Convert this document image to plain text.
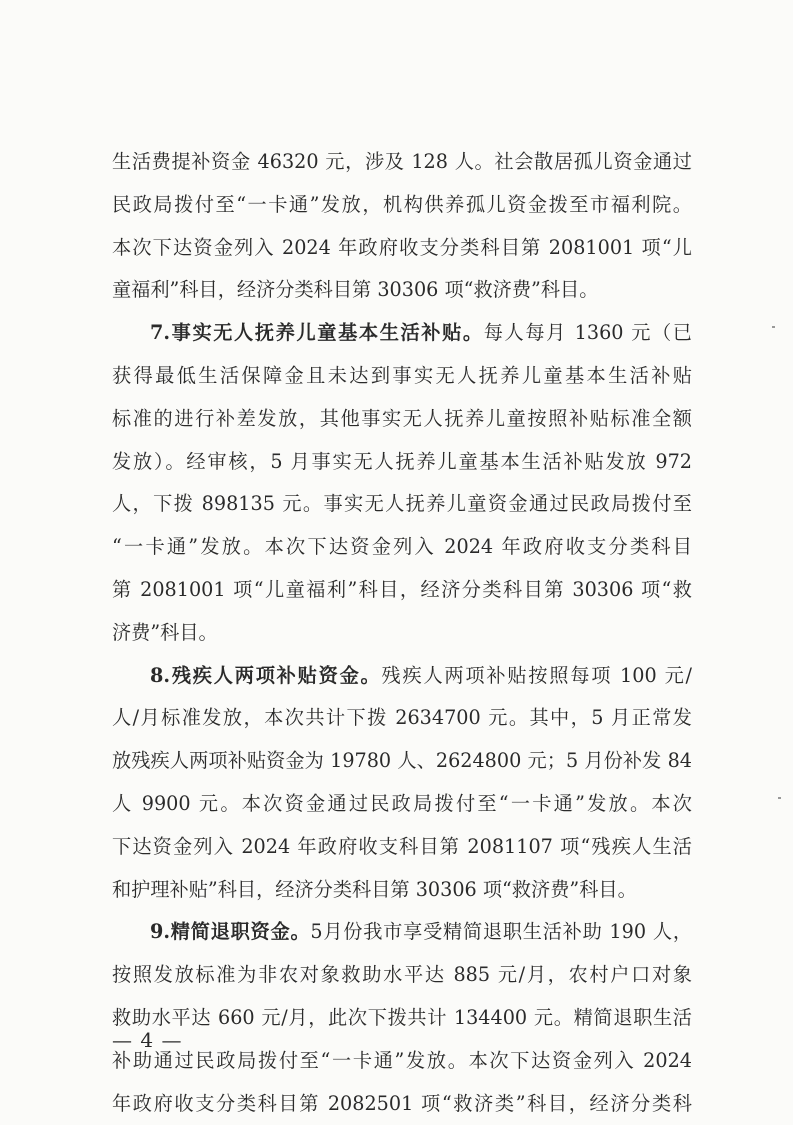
生活费提补资金 46320 元，涉及 128 人。社会散居孤儿资金通过
民政局拨付至“一卡通”发放，机构供养孤儿资金拨至市福利院。
本次下达资金列入 2024 年政府收支分类科目第 2081001 项“儿
童福利”科目，经济分类科目第 30306 项“救济费”科目。
7.事实无人抚养儿童基本生活补贴。每人每月 1360 元（已
获得最低生活保障金且未达到事实无人抚养儿童基本生活补贴
标准的进行补差发放，其他事实无人抚养儿童按照补贴标准全额
发放）。经审核，5 月事实无人抚养儿童基本生活补贴发放 972
人，下拨 898135 元。事实无人抚养儿童资金通过民政局拨付至
“一卡通”发放。本次下达资金列入 2024 年政府收支分类科目
第 2081001 项“儿童福利”科目，经济分类科目第 30306 项“救
济费”科目。
8.残疾人两项补贴资金。残疾人两项补贴按照每项 100 元/
人/月标准发放，本次共计下拨 2634700 元。其中，5 月正常发
放残疾人两项补贴资金为 19780 人、2624800 元；5 月份补发 84
人 9900 元。本次资金通过民政局拨付至“一卡通”发放。本次
下达资金列入 2024 年政府收支科目第 2081107 项“残疾人生活
和护理补贴”科目，经济分类科目第 30306 项“救济费”科目。
9.精简退职资金。5月份我市享受精简退职生活补助 190 人，
按照发放标准为非农对象救助水平达 885 元/月，农村户口对象
救助水平达 660 元/月，此次下拨共计 134400 元。精简退职生活
补助通过民政局拨付至“一卡通”发放。本次下达资金列入 2024
年政府收支分类科目第 2082501 项“救济类”科目，经济分类科
— 4 —
